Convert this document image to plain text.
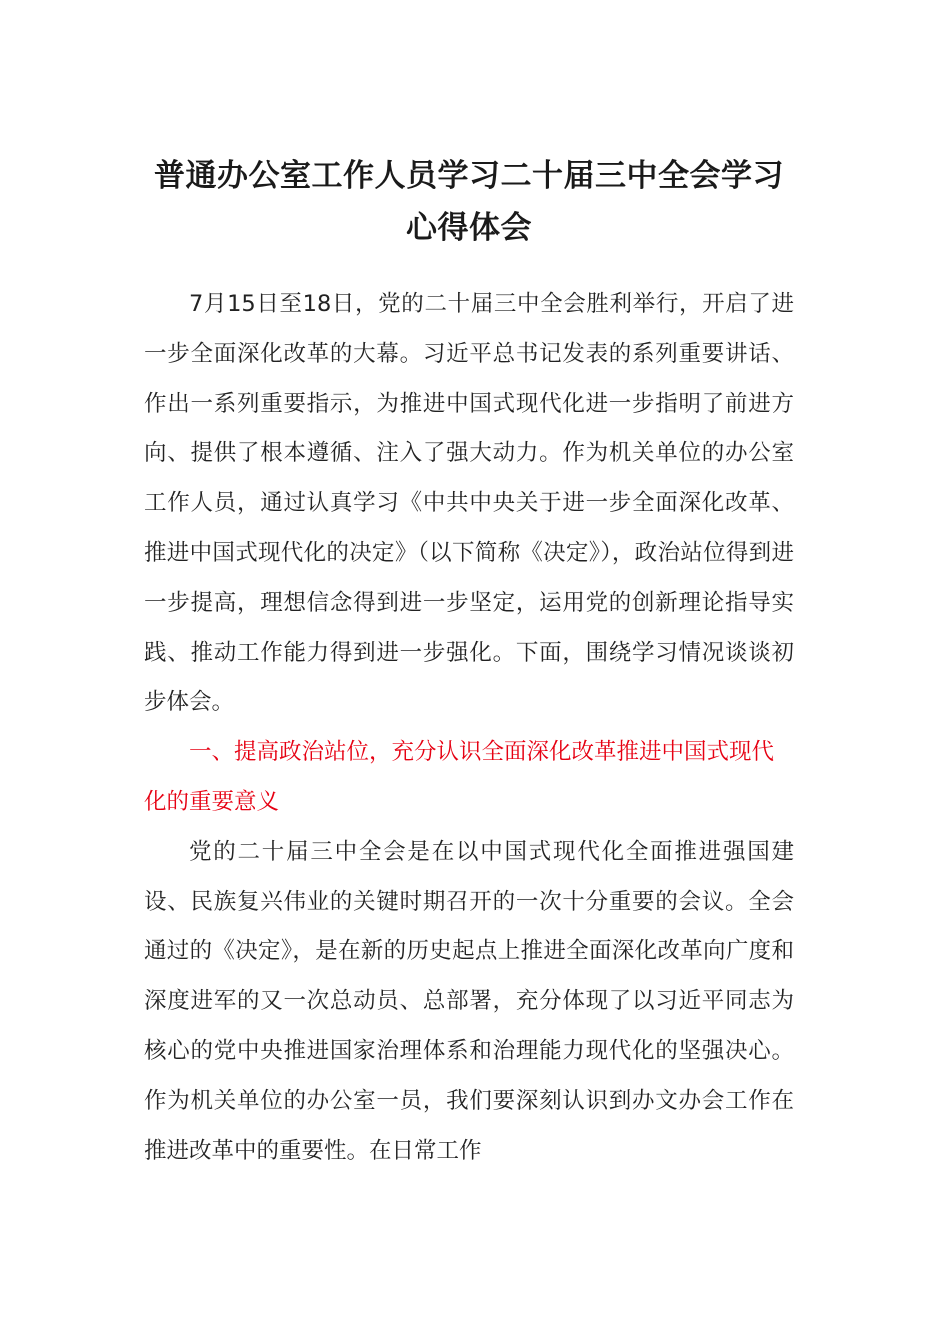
普通办公室工作人员学习二十届三中全会学习心得体会

7月15日至18日，党的二十届三中全会胜利举行，开启了进一步全面深化改革的大幕。习近平总书记发表的系列重要讲话、作出一系列重要指示，为推进中国式现代化进一步指明了前进方向、提供了根本遵循、注入了强大动力。作为机关单位的办公室工作人员，通过认真学习《中共中央关于进一步全面深化改革、推进中国式现代化的决定》（以下简称《决定》），政治站位得到进一步提高，理想信念得到进一步坚定，运用党的创新理论指导实践、推动工作能力得到进一步强化。下面，围绕学习情况谈谈初步体会。

一、提高政治站位，充分认识全面深化改革推进中国式现代化的重要意义

党的二十届三中全会是在以中国式现代化全面推进强国建设、民族复兴伟业的关键时期召开的一次十分重要的会议。全会通过的《决定》，是在新的历史起点上推进全面深化改革向广度和深度进军的又一次总动员、总部署，充分体现了以习近平同志为核心的党中央推进国家治理体系和治理能力现代化的坚强决心。作为机关单位的办公室一员，我们要深刻认识到办文办会工作在推进改革中的重要性。在日常工作
